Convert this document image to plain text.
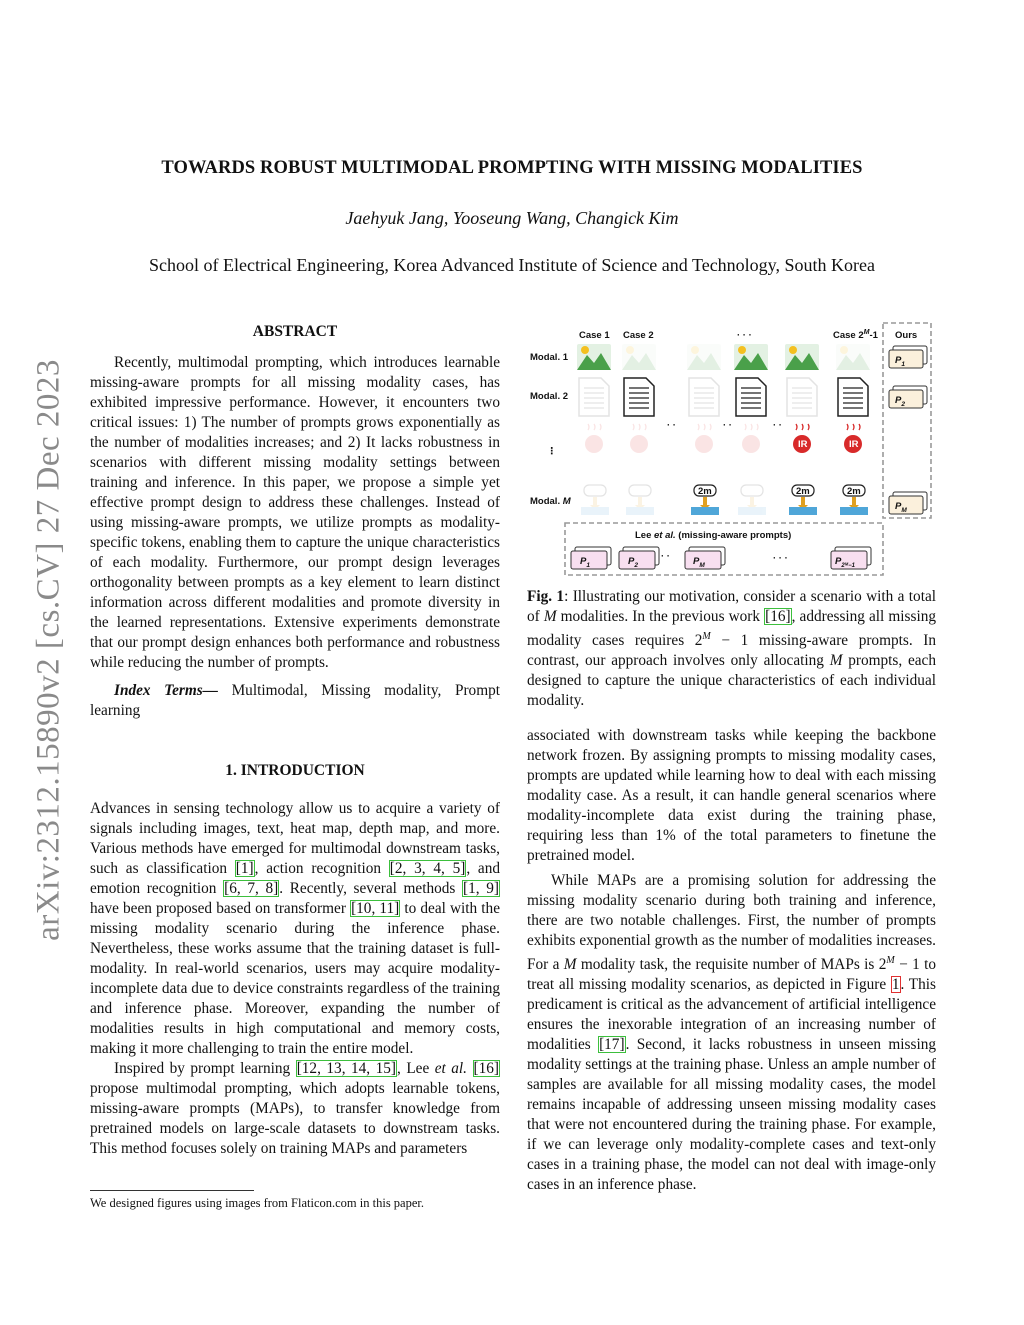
arXiv:2312.15890v2 [cs.CV] 27 Dec 2023
TOWARDS ROBUST MULTIMODAL PROMPTING WITH MISSING MODALITIES
Jaehyuk Jang, Yooseung Wang, Changick Kim
School of Electrical Engineering, Korea Advanced Institute of Science and Technology, South Korea
ABSTRACT

Recently, multimodal prompting, which introduces learnable missing-aware prompts for all missing modality cases, has exhibited impressive performance. However, it encounters two critical issues: 1) The number of prompts grows exponentially as the number of modalities increases; and 2) It lacks robustness in scenarios with different missing modality settings between training and inference. In this paper, we propose a simple yet effective prompt design to address these challenges. Instead of using missing-aware prompts, we utilize prompts as modality-specific tokens, enabling them to capture the unique characteristics of each modality. Furthermore, our prompt design leverages orthogonality between prompts as a key element to learn distinct information across different modalities and promote diversity in the learned representations. Extensive experiments demonstrate that our prompt design enhances both performance and robustness while reducing the number of prompts.

Index Terms— Multimodal, Missing modality, Prompt learning

1. INTRODUCTION

Advances in sensing technology allow us to acquire a variety of signals including images, text, heat map, depth map, and more. Various methods have emerged for multimodal downstream tasks, such as classification [1], action recognition [2, 3, 4, 5], and emotion recognition [6, 7, 8]. Recently, several methods [1, 9] have been proposed based on transformer [10, 11] to deal with the missing modality scenario during the inference phase. Nevertheless, these works assume that the training dataset is full-modality. In real-world scenarios, users may acquire modality-incomplete data due to device constraints regardless of the training and inference phase. Moreover, expanding the number of modalities results in high computational and memory costs, making it more challenging to train the entire model.

Inspired by prompt learning [12, 13, 14, 15], Lee et al. [16] propose multimodal prompting, which adopts learnable tokens, missing-aware prompts (MAPs), to transfer knowledge from pretrained models on large-scale datasets to downstream tasks. This method focuses solely on training MAPs and parameters

We designed figures using images from Flaticon.com in this paper.
Case 1 Case 2	· · ·	Case $2^M-1$ Ours
Modal. 1
Modal. 2
⋮
Modal. M
· ·	· ·	· ·
IR	IR
2m	2m	2m
$P_1$
$P_2$
$P_M$
Lee et al. (missing-aware prompts)
$P_1$	$P_2$
· · $P_M$
· · ·	$P_{2ᴹ-1}$

Fig. 1: Illustrating our motivation, consider a scenario with a total of M modalities. In the previous work [16], addressing all missing modality cases requires $2^M - 1$ missing-aware prompts. In contrast, our approach involves only allocating M prompts, each designed to capture the unique characteristics of each individual modality.

associated with downstream tasks while keeping the backbone network frozen. By assigning prompts to missing modality cases, prompts are updated while learning how to deal with each missing modality case. As a result, it can handle general scenarios where modality-incomplete data exist during the training phase, requiring less than 1% of the total parameters to finetune the pretrained model.

While MAPs are a promising solution for addressing the missing modality scenario during both training and inference, there are two notable challenges. First, the number of prompts exhibits exponential growth as the number of modalities increases. For a M modality task, the requisite number of MAPs is $2^M - 1$ to treat all missing modality scenarios, as depicted in Figure 1. This predicament is critical as the advancement of artificial intelligence ensures the inexorable integration of an increasing number of modalities [17]. Second, it lacks robustness in unseen missing modality settings at the training phase. Unless an ample number of samples are available for all missing modality cases, the model remains incapable of addressing unseen missing modality cases that were not encountered during the training phase. For example, if we can leverage only modality-complete cases and text-only cases in a training phase, the model can not deal with image-only cases in an inference phase.
